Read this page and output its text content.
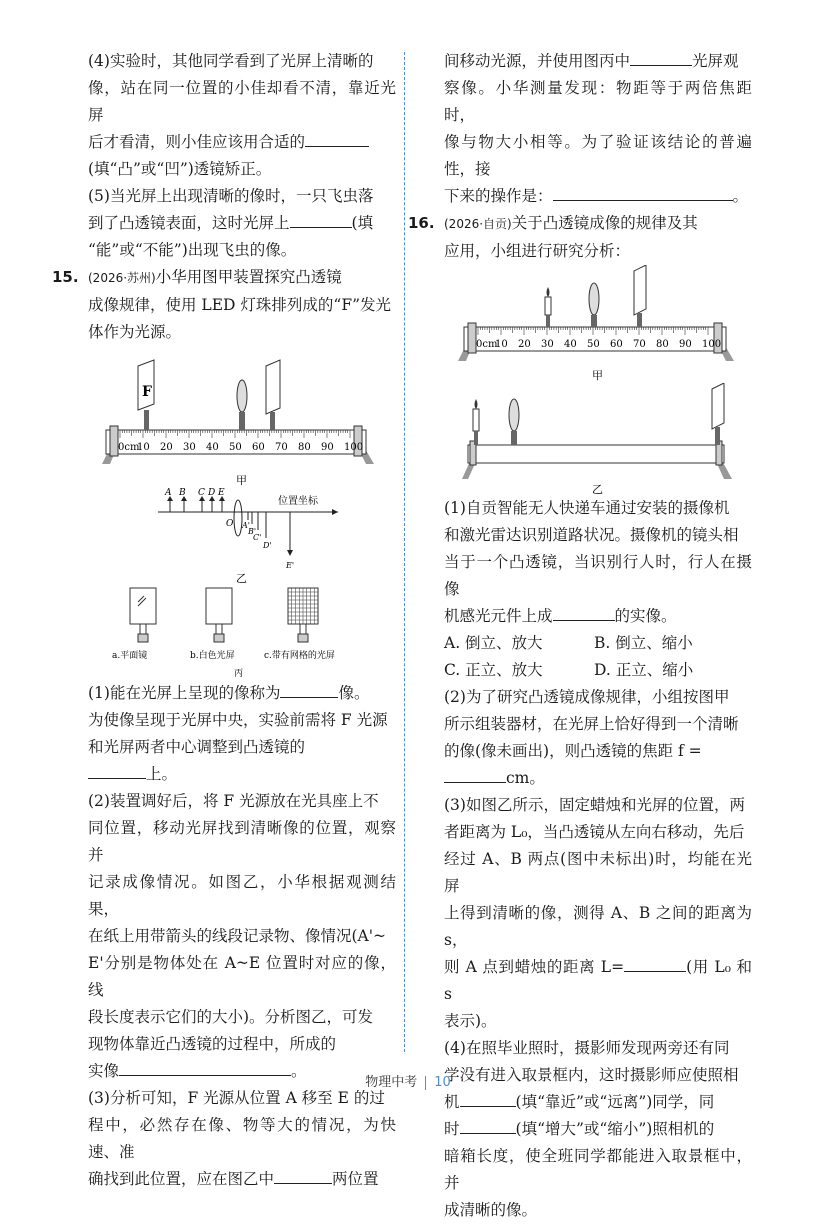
(4)实验时，其他同学看到了光屏上清晰的
像，站在同一位置的小佳却看不清，靠近光屏
后才看清，则小佳应该用合适的
(填“凸”或“凹”)透镜矫正。

(5)当光屏上出现清晰的像时，一只飞虫落
到了凸透镜表面，这时光屏上	(填
“能”或“不能”)出现飞虫的像。

15. (2026·苏州)小华用图甲装置探究凸透镜
成像规律，使用 LED 灯珠排列成的“F”发光
体作为光源。

0cm
10 20 30 40 50 60 70 80 90 100
F
甲
位置坐标
A B C D E
O A'
B'
C'
D'
E'
乙
a.平面镜	b.白色光屏	c.带有网格的光屏
丙

(1)能在光屏上呈现的像称为	像。
为使像呈现于光屏中央，实验前需将 F 光源
和光屏两者中心调整到凸透镜的
上。

(2)装置调好后，将 F 光源放在光具座上不
同位置，移动光屏找到清晰像的位置，观察并
记录成像情况。如图乙，小华根据观测结果，
在纸上用带箭头的线段记录物、像情况(A'~
E'分别是物体处在 A~E 位置时对应的像，线
段长度表示它们的大小)。分析图乙，可发
现物体靠近凸透镜的过程中，所成的
实像	。

(3)分析可知，F 光源从位置 A 移至 E 的过
程中，必然存在像、物等大的情况，为快速、准
确找到此位置，应在图乙中	两位置

间移动光源，并使用图丙中	光屏观
察像。小华测量发现：物距等于两倍焦距时，
像与物大小相等。为了验证该结论的普遍性，接
下来的操作是：	。

16. (2026·自贡)关于凸透镜成像的规律及其
应用，小组进行研究分析：

0cm
10 20 30 40 50 60 70 80 90 100
甲
乙

(1)自贡智能无人快递车通过安装的摄像机
和激光雷达识别道路状况。摄像机的镜头相
当于一个凸透镜，当识别行人时，行人在摄像
机感光元件上成	的实像。

A. 倒立、放大	B. 倒立、缩小
C. 正立、放大	D. 正立、缩小

(2)为了研究凸透镜成像规律，小组按图甲
所示组装器材，在光屏上恰好得到一个清晰
的像(像未画出)，则凸透镜的焦距 f =
cm。

(3)如图乙所示，固定蜡烛和光屏的位置，两
者距离为 L₀，当凸透镜从左向右移动，先后
经过 A、B 两点(图中未标出)时，均能在光屏
上得到清晰的像，测得 A、B 之间的距离为 s，
则 A 点到蜡烛的距离 L=	(用 L₀ 和 s
表示)。

(4)在照毕业照时，摄影师发现两旁还有同
学没有进入取景框内，这时摄影师应使照相
机	(填“靠近”或“远离”)同学，同
时	(填“增大”或“缩小”)照相机的
暗箱长度，使全班同学都能进入取景框中，并
成清晰的像。

物理中考 10
